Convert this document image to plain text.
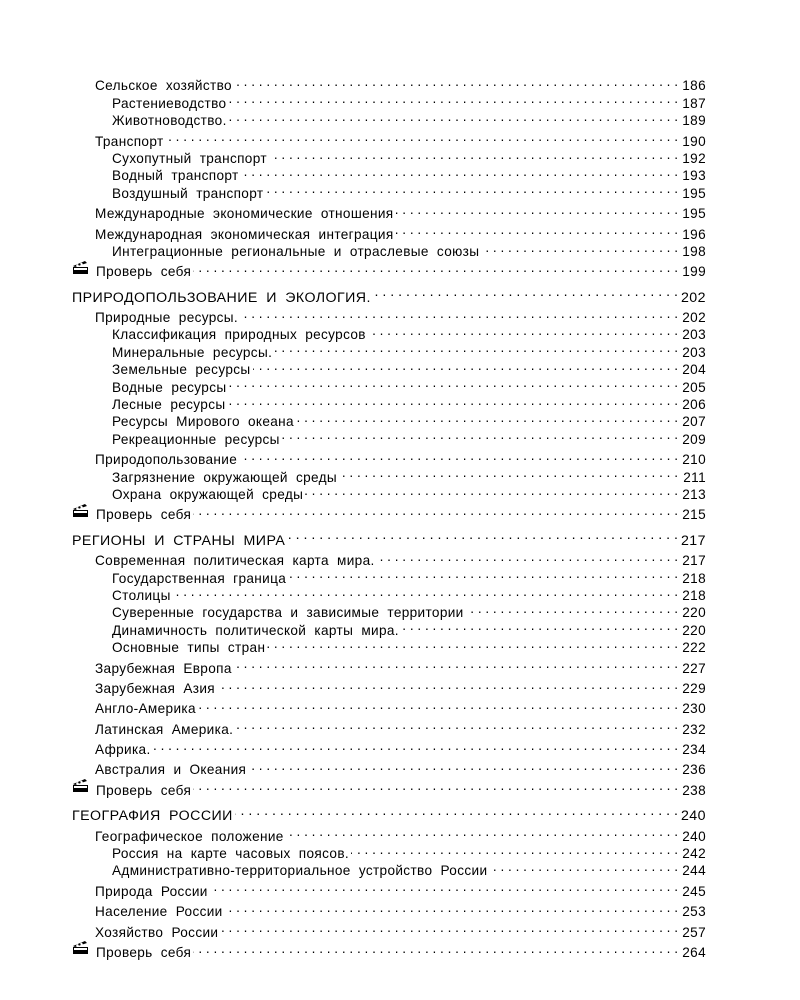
Сельское хозяйство . . .	186
Растениеводство . . .	187
Животноводство. . . .	189
Транспорт . . .	190
Сухопутный транспорт . . .	192
Водный транспорт . . .	193
Воздушный транспорт . . .	195
Международные экономические отношения . . .	195
Международная экономическая интеграция . . .	196
Интеграционные региональные и отраслевые союзы . . .	198
Проверь себя . . .	199
ПРИРОДОПОЛЬЗОВАНИЕ И ЭКОЛОГИЯ. . . .	202
Природные ресурсы. . . .	202
Классификация природных ресурсов . . .	203
Минеральные ресурсы. . . .	203
Земельные ресурсы . . .	204
Водные ресурсы . . .	205
Лесные ресурсы . . .	206
Ресурсы Мирового океана . . .	207
Рекреационные ресурсы . . .	209
Природопользование . . .	210
Загрязнение окружающей среды . . .	211
Охрана окружающей среды . . .	213
Проверь себя . . .	215
РЕГИОНЫ И СТРАНЫ МИРА . . .	217
Современная политическая карта мира. . . .	217
Государственная граница . . .	218
Столицы . . .	218
Суверенные государства и зависимые территории . . .	220
Динамичность политической карты мира. . . .	220
Основные типы стран . . .	222
Зарубежная Европа . . .	227
Зарубежная Азия . . .	229
Англо-Америка . . .	230
Латинская Америка. . . .	232
Африка. . . .	234
Австралия и Океания . . .	236
Проверь себя . . .	238
ГЕОГРАФИЯ РОССИИ . . .	240
Географическое положение . . .	240
Россия на карте часовых поясов. . . .	242
Административно-территориальное устройство России . . .	244
Природа России . . .	245
Население России . . .	253
Хозяйство России . . .	257
Проверь себя . . .	264
